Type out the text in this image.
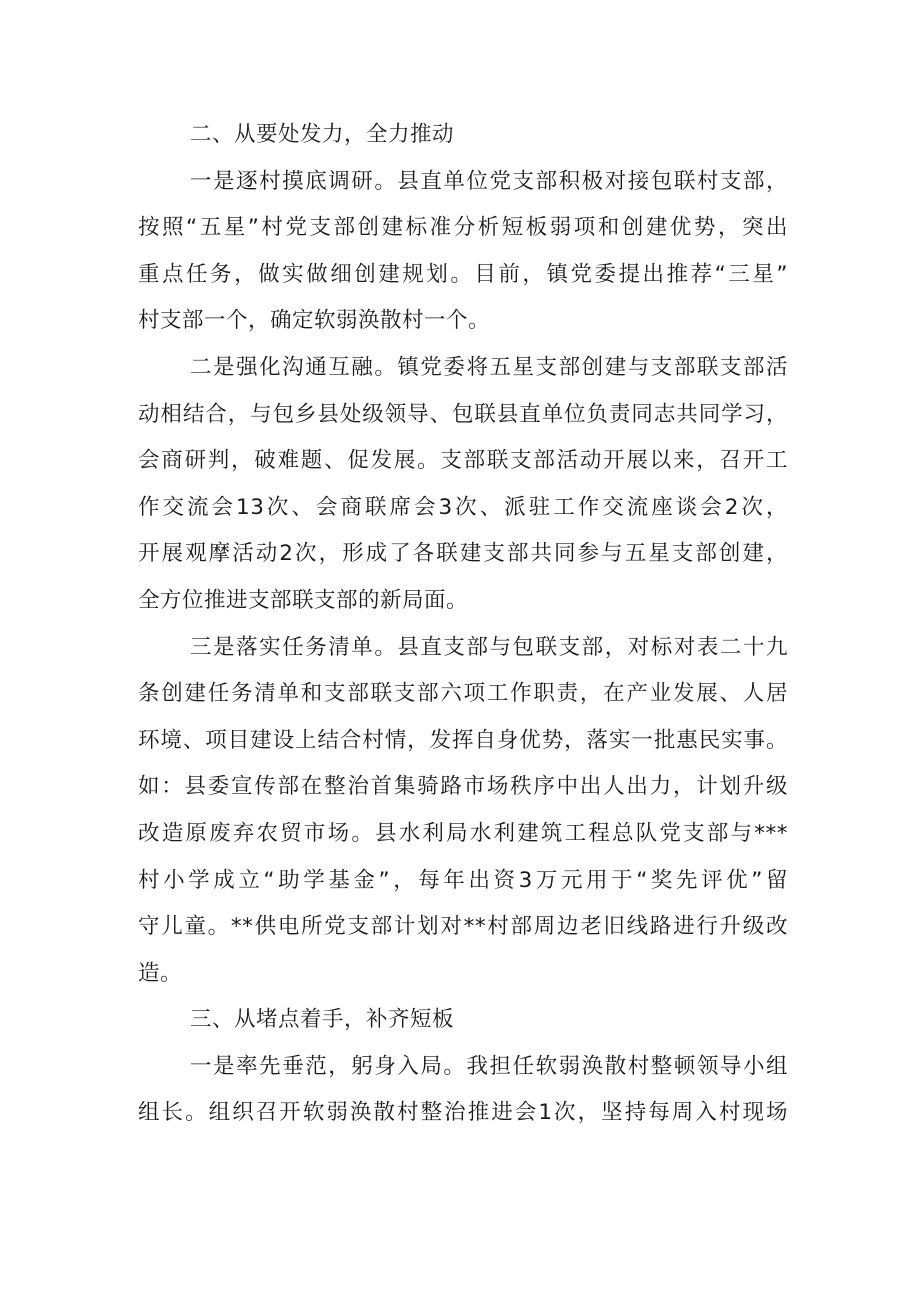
二、从要处发力，全力推动
一是逐村摸底调研。县直单位党支部积极对接包联村支部，
按照“五星”村党支部创建标准分析短板弱项和创建优势，突出
重点任务，做实做细创建规划。目前，镇党委提出推荐“三星”
村支部一个，确定软弱涣散村一个。
二是强化沟通互融。镇党委将五星支部创建与支部联支部活
动相结合，与包乡县处级领导、包联县直单位负责同志共同学习，
会商研判，破难题、促发展。支部联支部活动开展以来，召开工
作交流会13次、会商联席会3次、派驻工作交流座谈会2次，
开展观摩活动2次，形成了各联建支部共同参与五星支部创建，
全方位推进支部联支部的新局面。
三是落实任务清单。县直支部与包联支部，对标对表二十九
条创建任务清单和支部联支部六项工作职责，在产业发展、人居
环境、项目建设上结合村情，发挥自身优势，落实一批惠民实事。
如：县委宣传部在整治首集骑路市场秩序中出人出力，计划升级
改造原废弃农贸市场。县水利局水利建筑工程总队党支部与***
村小学成立“助学基金”，每年出资3万元用于“奖先评优”留
守儿童。**供电所党支部计划对**村部周边老旧线路进行升级改
造。
三、从堵点着手，补齐短板
一是率先垂范，躬身入局。我担任软弱涣散村整顿领导小组
组长。组织召开软弱涣散村整治推进会1次，坚持每周入村现场
